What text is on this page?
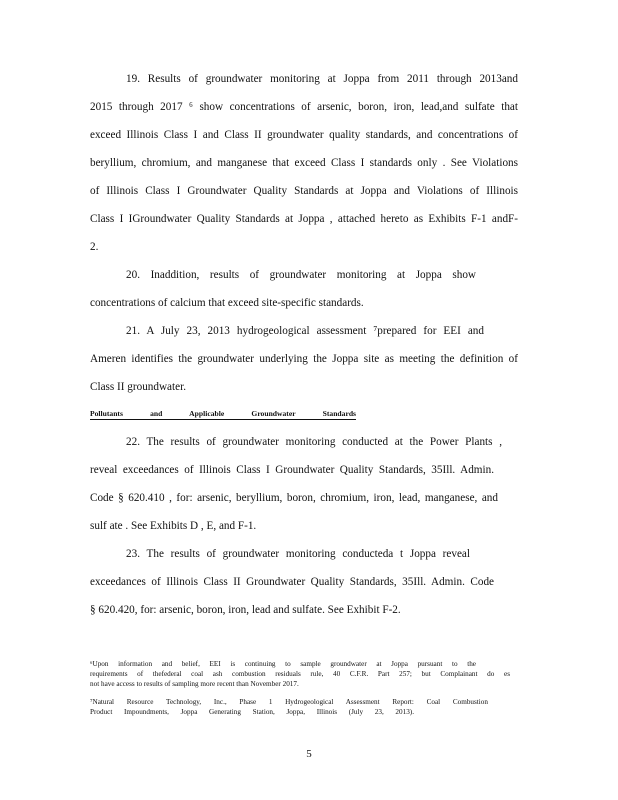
19. Results of groundwater monitoring at Joppa from 2011 through 2013and
2015 through 2017 ⁶ show concentrations of arsenic, boron, iron, lead,and sulfate that
exceed Illinois Class I and Class II groundwater quality standards, and concentrations of
beryllium, chromium, and manganese that exceed Class I standards only . See Violations
of Illinois Class I Groundwater Quality Standards at Joppa and Violations of Illinois
Class I IGroundwater Quality Standards at Joppa , attached hereto as Exhibits F-1 andF-
2.
20. Inaddition, results of groundwater monitoring at Joppa show
concentrations of calcium that exceed site-specific standards.
21. A July 23, 2013 hydrogeological assessment ⁷prepared for EEI and
Ameren identifies the groundwater underlying the Joppa site as meeting the definition of
Class II groundwater.
Pollutants and Applicable Groundwater Standards
22. The results of groundwater monitoring conducted at the Power Plants ,
reveal exceedances of Illinois Class I Groundwater Quality Standards, 35Ill. Admin.
Code § 620.410 , for: arsenic, beryllium, boron, chromium, iron, lead, manganese, and
sulf ate . See Exhibits D , E, and F-1.
23. The results of groundwater monitoring conducteda t Joppa reveal
exceedances of Illinois Class II Groundwater Quality Standards, 35Ill. Admin. Code
§ 620.420, for: arsenic, boron, iron, lead and sulfate. See Exhibit F-2.
⁶Upon information and belief, EEI is continuing to sample groundwater at Joppa pursuant to the
requirements of thefederal coal ash combustion residuals rule, 40 C.F.R. Part 257; but Complainant do es
not have access to results of sampling more recent than November 2017.
⁷Natural Resource Technology, Inc., Phase 1 Hydrogeological Assessment Report: Coal Combustion
Product Impoundments, Joppa Generating Station, Joppa, Illinois (July 23, 2013).
5
